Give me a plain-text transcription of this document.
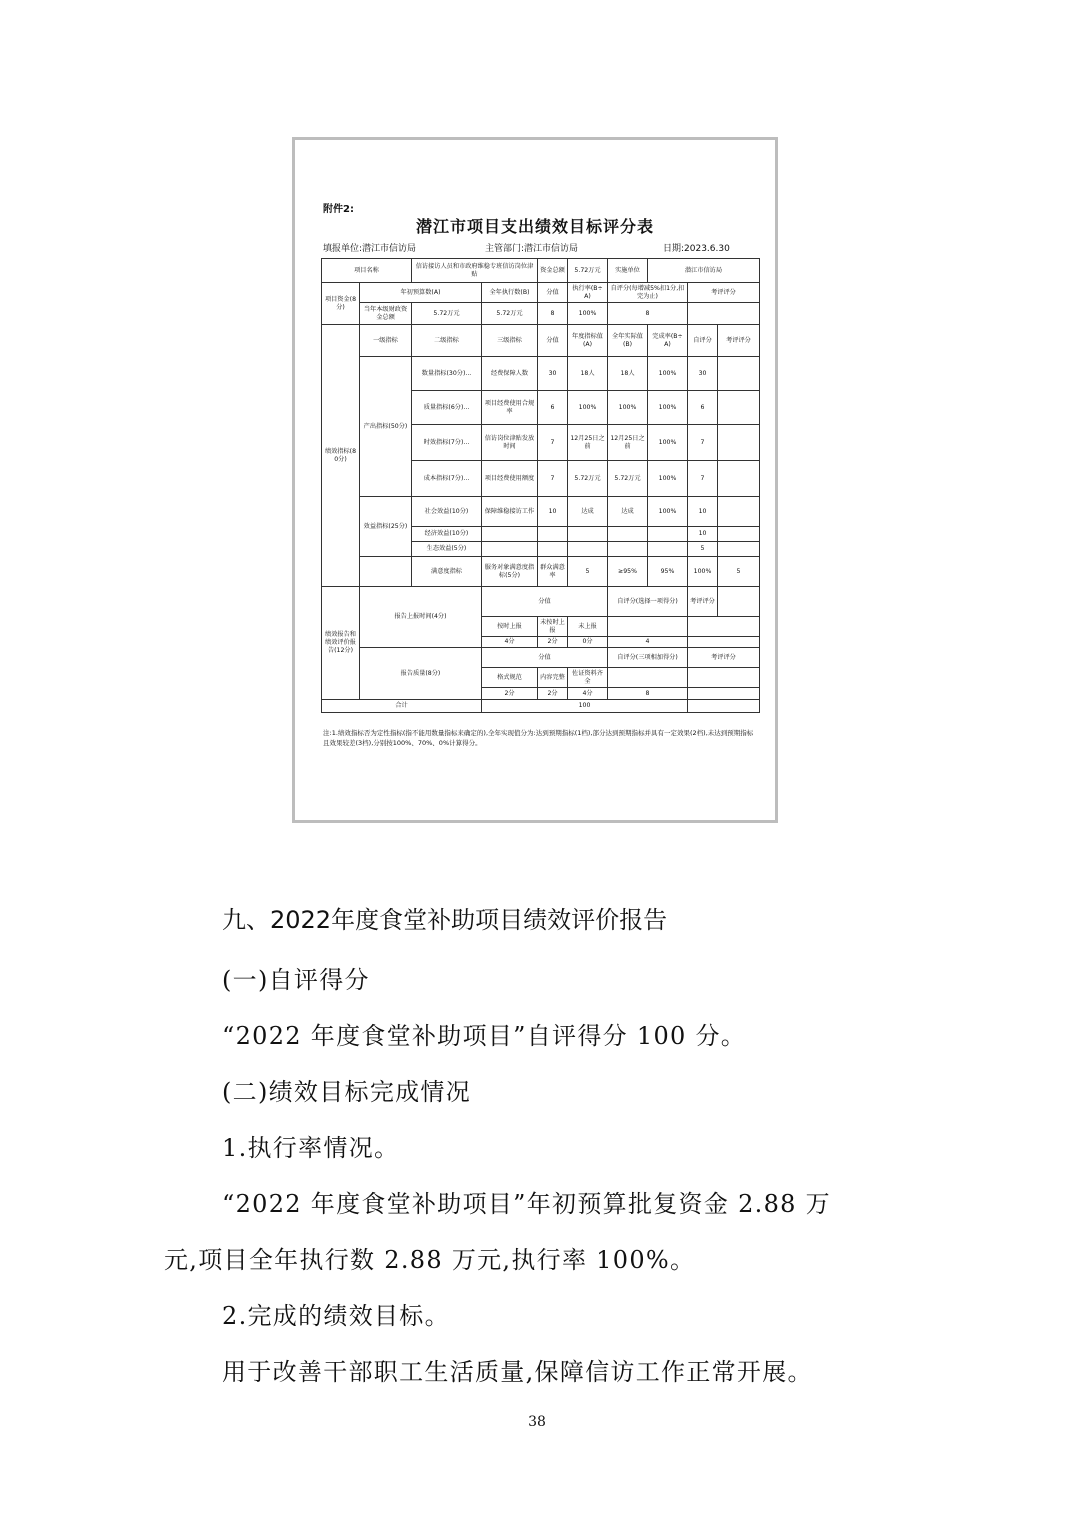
附件2:
潜江市项目支出绩效目标评分表
填报单位:潜江市信访局	主管部门:潜江市信访局	日期:2023.6.30
项目名称		信访接访人员和市政府维稳专班信访岗位津贴		资金总额	5.72万元	实施单位	潜江市信访局			
项目资金(8分)	年初预算数(A)		全年执行数(B)	分值	执行率(B÷A)	自评分(每增减5%扣1分,扣完为止)		考评评分		
	当年本级财政资金总额	5.72万元	5.72万元	8	100%	8				
绩效指标(80分)	一级指标	二级指标	三级指标	分值	年度指标值(A)	全年实际值(B)	完成率(B÷A)	自评分	考评评分	
	产出指标(50分)	数量指标(30分)...	经费保障人数	30	18人	18人	100%	30		
		质量指标(6分)...	项目经费使用合规率	6	100%	100%	100%	6		
		时效指标(7分)...	信访岗位津贴发放时间	7	12月25日之前	12月25日之前	100%	7		
		成本指标(7分)...	项目经费使用额度	7	5.72万元	5.72万元	100%	7		
	效益指标(25分)	社会效益(10分)	保障维稳接访工作	10	达成	达成	100%	10		
		经济效益(10分)						10		
		生态效益(5分)						5		
		满意度指标	服务对象满意度指标(5分)	群众满意率	5	≥95%	95%	100%	5	
绩效报告和绩效评价报告(12分)	报告上报时间(4分)		分值			自评分(选择一项得分)		考评评分		
			按时上报	未按时上报	未上报					
			4分	2分	0分	4				
	报告质量(8分)		分值			自评分(三项相加得分)		考评评分		
			格式规范	内容完整	佐证资料齐全					
			2分	2分	4分	8				
合计			100							
注:1.绩效指标否为定性指标(指不能用数量指标来确定的),全年实现值分为:达到预期指标(1档),部分达到预期指标并具有一定效果(2档),未达到预期指标且效果较差(3档),分别按100%、70%、0%计算得分。
九、2022年度食堂补助项目绩效评价报告
(一)自评得分
“2022 年度食堂补助项目”自评得分 100 分。
(二)绩效目标完成情况
1.执行率情况。
“2022 年度食堂补助项目”年初预算批复资金 2.88 万
元,项目全年执行数 2.88 万元,执行率 100%。
2.完成的绩效目标。
用于改善干部职工生活质量,保障信访工作正常开展。
38
